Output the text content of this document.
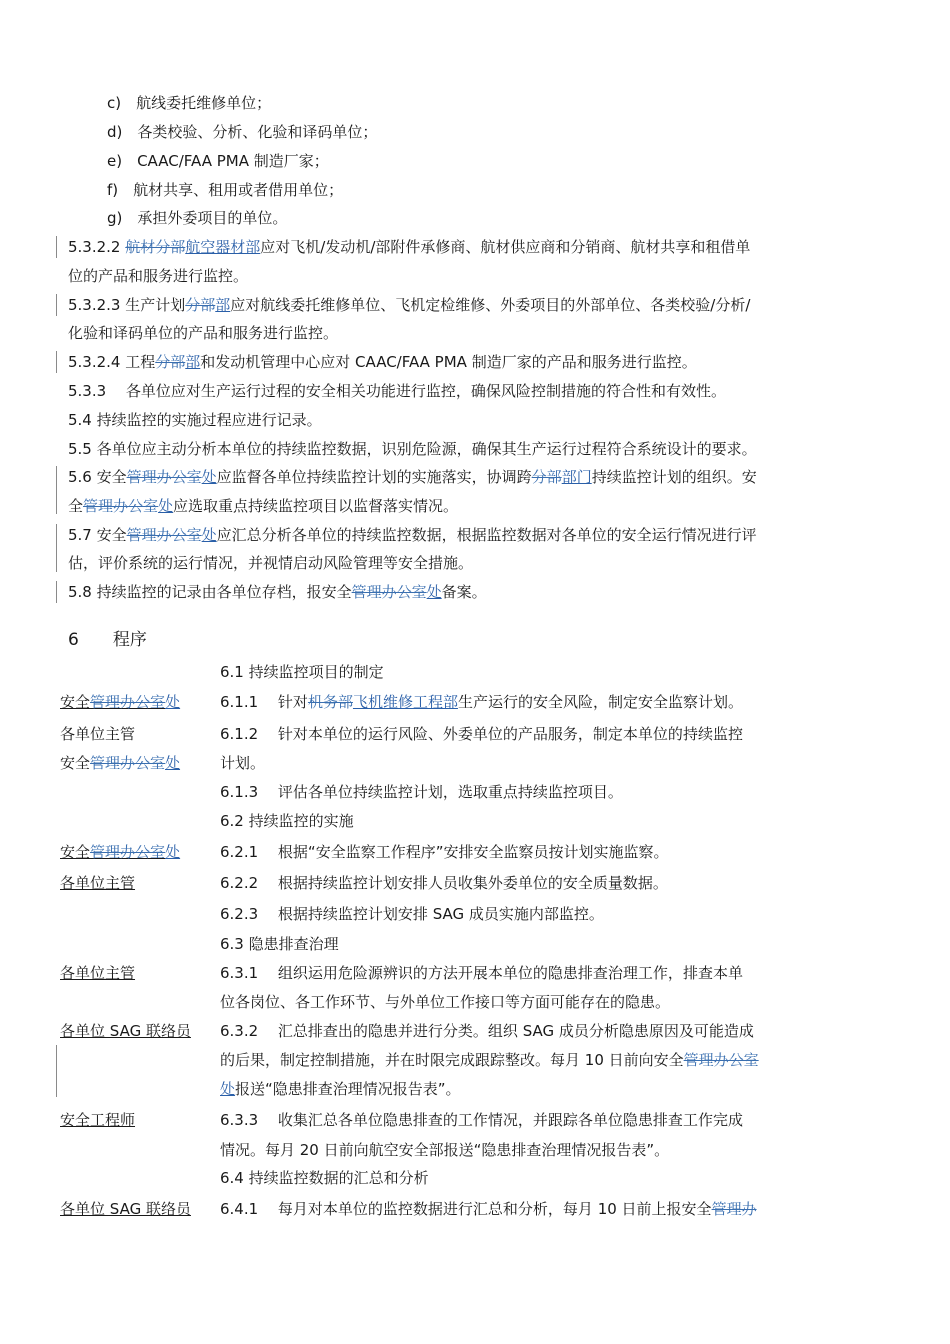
c)　航线委托维修单位；
d)　各类校验、分析、化验和译码单位；
e)　CAAC/FAA PMA 制造厂家；
f)　航材共享、租用或者借用单位；
g)　承担外委项目的单位。
5.3.2.2 航材分部航空器材部应对飞机/发动机/部附件承修商、航材供应商和分销商、航材共享和租借单
位的产品和服务进行监控。
5.3.2.3 生产计划分部部应对航线委托维修单位、飞机定检维修、外委项目的外部单位、各类校验/分析/
化验和译码单位的产品和服务进行监控。
5.3.2.4 工程分部部和发动机管理中心应对 CAAC/FAA PMA 制造厂家的产品和服务进行监控。
5.3.3　 各单位应对生产运行过程的安全相关功能进行监控，确保风险控制措施的符合性和有效性。
5.4 持续监控的实施过程应进行记录。
5.5 各单位应主动分析本单位的持续监控数据，识别危险源，确保其生产运行过程符合系统设计的要求。
5.6 安全管理办公室处应监督各单位持续监控计划的实施落实，协调跨分部部门持续监控计划的组织。安
全管理办公室处应选取重点持续监控项目以监督落实情况。
5.7 安全管理办公室处应汇总分析各单位的持续监控数据，根据监控数据对各单位的安全运行情况进行评
估，评价系统的运行情况，并视情启动风险管理等安全措施。
5.8 持续监控的记录由各单位存档，报安全管理办公室处备案。
6　　程序
6.1 持续监控项目的制定
安全管理办公室处	6.1.1　 针对机务部飞机维修工程部生产运行的安全风险，制定安全监察计划。
各单位主管	6.1.2　 针对本单位的运行风险、外委单位的产品服务，制定本单位的持续监控
安全管理办公室处	计划。
6.1.3　 评估各单位持续监控计划，选取重点持续监控项目。
6.2 持续监控的实施
安全管理办公室处	6.2.1　 根据“安全监察工作程序”安排安全监察员按计划实施监察。
各单位主管	6.2.2　 根据持续监控计划安排人员收集外委单位的安全质量数据。
6.2.3　 根据持续监控计划安排 SAG 成员实施内部监控。
6.3 隐患排查治理
各单位主管	6.3.1　 组织运用危险源辨识的方法开展本单位的隐患排查治理工作，排查本单
位各岗位、各工作环节、与外单位工作接口等方面可能存在的隐患。
各单位 SAG 联络员 6.3.2　 汇总排查出的隐患并进行分类。组织 SAG 成员分析隐患原因及可能造成
的后果，制定控制措施，并在时限完成跟踪整改。每月 10 日前向安全管理办公室
处报送“隐患排查治理情况报告表”。
安全工程师	6.3.3　 收集汇总各单位隐患排查的工作情况，并跟踪各单位隐患排查工作完成
情况。每月 20 日前向航空安全部报送“隐患排查治理情况报告表”。
6.4 持续监控数据的汇总和分析
各单位 SAG 联络员 6.4.1　 每月对本单位的监控数据进行汇总和分析，每月 10 日前上报安全管理办
